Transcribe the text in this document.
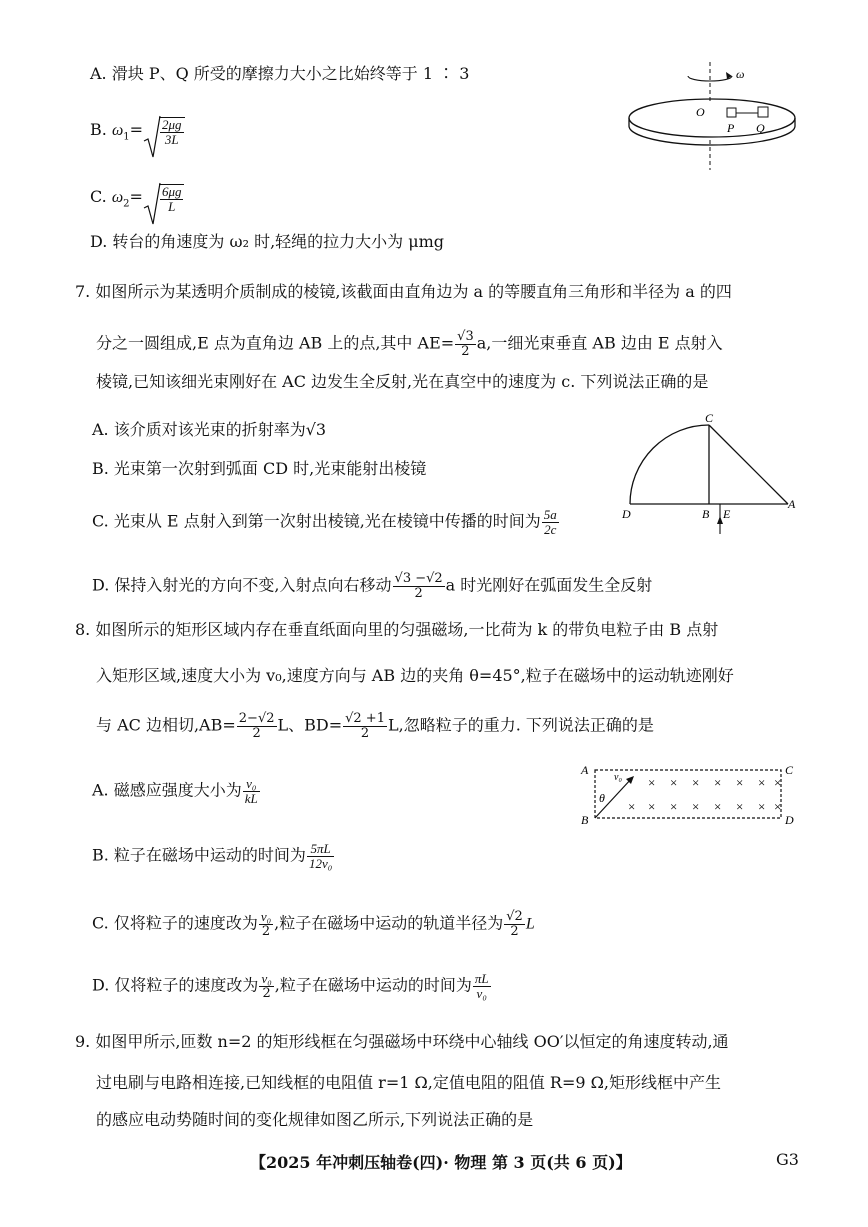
A. 滑块 P、Q 所受的摩擦力大小之比始终等于 1 ∶ 3
B. $\omega_1= \frac{2\mu g}{3L}$
C. $\omega_2= \frac{6\mu g}{L}$
D. 转台的角速度为 ω₂ 时,轻绳的拉力大小为 μmg
ω
O
P Q
7. 如图所示为某透明介质制成的棱镜,该截面由直角边为 a 的等腰直角三角形和半径为 a 的四
分之一圆组成,E 点为直角边 AB 上的点,其中 $AE= \frac{√3}{2} a$,一细光束垂直 AB 边由 E 点射入
棱镜,已知该细光束刚好在 AC 边发生全反射,光在真空中的速度为 c. 下列说法正确的是
A. 该介质对该光束的折射率为√3
B. 光束第一次射到弧面 CD 时,光束能射出棱镜
C. 光束从 E 点射入到第一次射出棱镜,光在棱镜中传播的时间为 $\frac{5a}{2c}$
D. 保持入射光的方向不变,入射点向右移动 $\frac{√3 -√2}{2}$ a 时光刚好在弧面发生全反射
C
D	B E
A
8. 如图所示的矩形区域内存在垂直纸面向里的匀强磁场,一比荷为 k 的带负电粒子由 B 点射
入矩形区域,速度大小为 v₀,速度方向与 AB 边的夹角 θ=45°,粒子在磁场中的运动轨迹刚好
与 AC 边相切$,AB= \frac{2-√2}{2}$ L、$BD= \frac{√2 +1}{2} L$,忽略粒子的重力. 下列说法正确的是
A. 磁感应强度大小为 $\frac{\text{v₀}}{kL}$
B. 粒子在磁场中运动的时间为 $\frac{5\pi L}{\text{12v₀}}$
C. 仅将粒子的速度改为 $\frac{\text{v₀}}{2}$ ,粒子在磁场中运动的轨道半径为 $\frac{√2}{2}$ L
D. 仅将粒子的速度改为 $\frac{\text{v₀}}{2}$ ,粒子在磁场中运动的时间为 $\frac{\pi L}{\text{v₀}}$
A	C
B	D
v₀
θ
× × × × × × ×
× × × × × × × ×
9. 如图甲所示,匝数 n=2 的矩形线框在匀强磁场中环绕中心轴线 OO′以恒定的角速度转动,通
过电刷与电路相连接,已知线框的电阻值 r=1 Ω,定值电阻的阻值 R=9 Ω,矩形线框中产生
的感应电动势随时间的变化规律如图乙所示,下列说法正确的是
【2025 年冲刺压轴卷(四)· 物理 第 3 页(共 6 页)】	G3
